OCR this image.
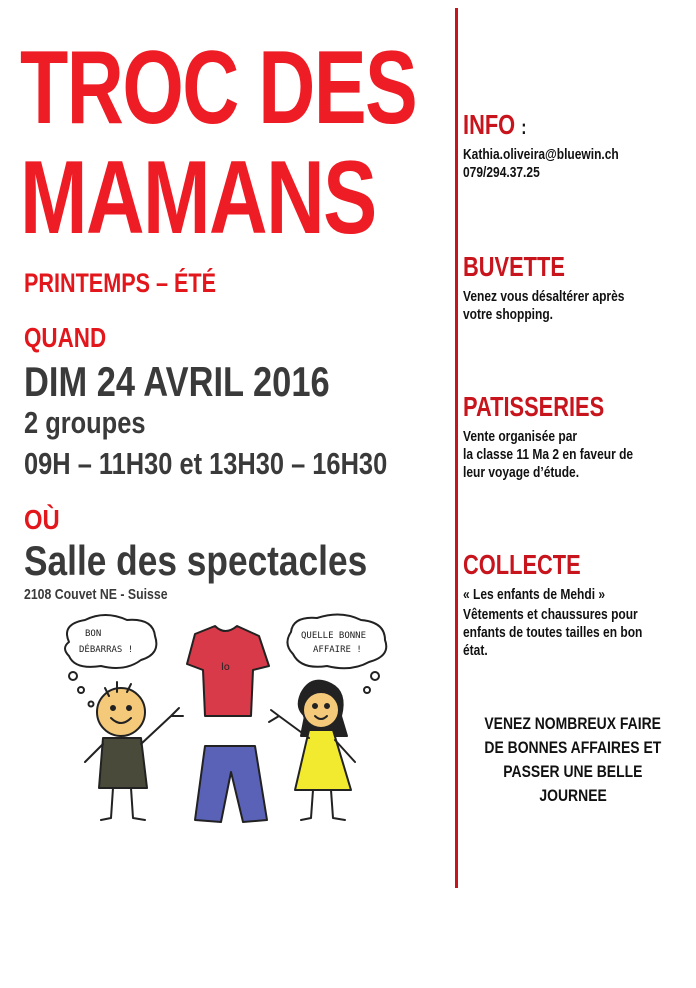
TROC DES
MAMANS
PRINTEMPS – ÉTÉ
QUAND
DIM 24 AVRIL 2016
2 groupes
09H – 11H30 et 13H30 – 16H30
OÙ
Salle des spectacles
2108 Couvet NE - Suisse
BON
DÉBARRAS !
QUELLE BONNE
AFFAIRE !
lo
INFO :
Kathia.oliveira@bluewin.ch
079/294.37.25
BUVETTE
Venez vous désaltérer après
votre shopping.
PATISSERIES
Vente organisée par
la classe 11 Ma 2 en faveur de
leur voyage d’étude.
COLLECTE
« Les enfants de Mehdi »
Vêtements et chaussures pour
enfants de toutes tailles en bon
état.
VENEZ NOMBREUX FAIRE
DE BONNES AFFAIRES ET
PASSER UNE BELLE
JOURNEE
